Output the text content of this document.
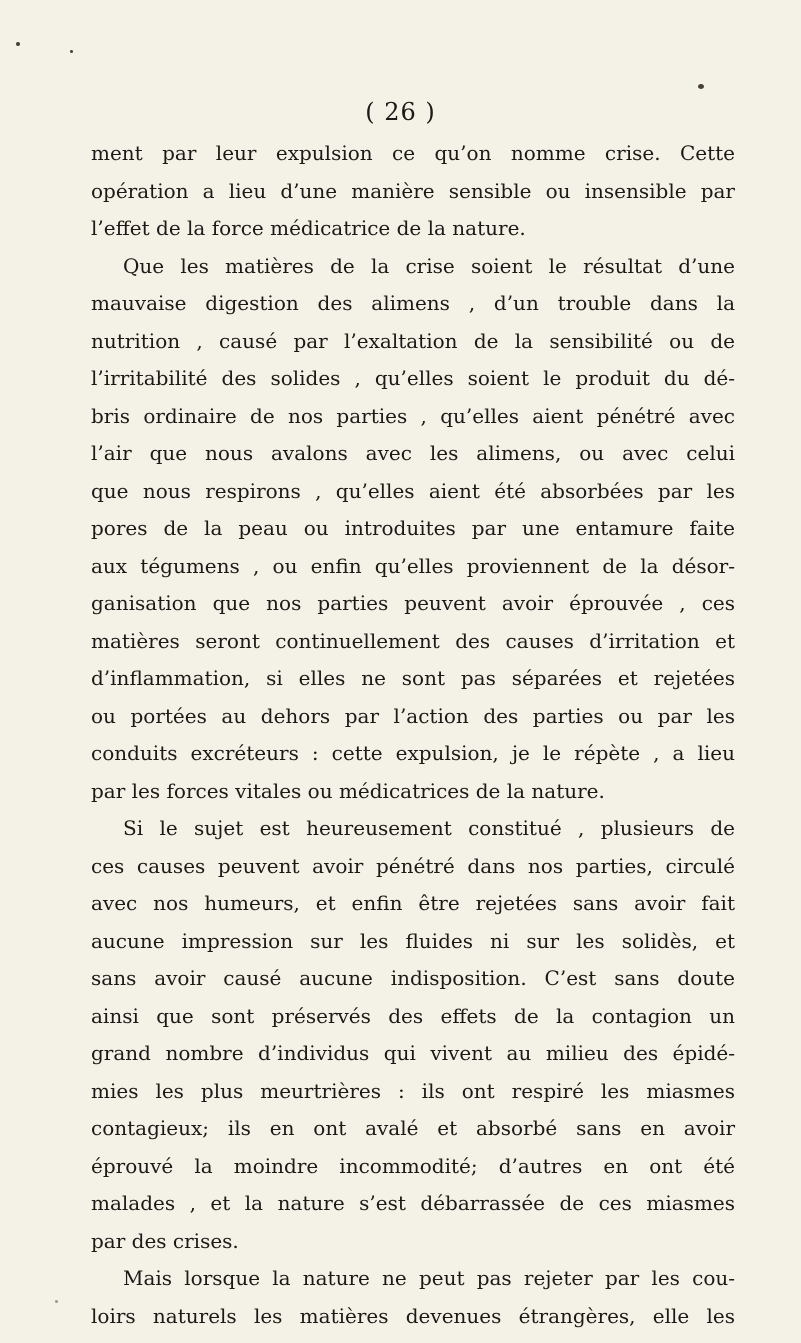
( 26 )
ment par leur expulsion ce qu’on nomme crise. Cette
opération a lieu d’une manière sensible ou insensible par
l’effet de la force médicatrice de la nature.
Que les matières de la crise soient le résultat d’une
mauvaise digestion des alimens , d’un trouble dans la
nutrition , causé par l’exaltation de la sensibilité ou de
l’irritabilité des solides , qu’elles soient le produit du dé-
bris ordinaire de nos parties , qu’elles aient pénétré avec
l’air que nous avalons avec les alimens, ou avec celui
que nous respirons , qu’elles aient été absorbées par les
pores de la peau ou introduites par une entamure faite
aux tégumens , ou enfin qu’elles proviennent de la désor-
ganisation que nos parties peuvent avoir éprouvée , ces
matières seront continuellement des causes d’irritation et
d’inflammation, si elles ne sont pas séparées et rejetées
ou portées au dehors par l’action des parties ou par les
conduits excréteurs : cette expulsion, je le répète , a lieu
par les forces vitales ou médicatrices de la nature.
Si le sujet est heureusement constitué , plusieurs de
ces causes peuvent avoir pénétré dans nos parties, circulé
avec nos humeurs, et enfin être rejetées sans avoir fait
aucune impression sur les fluides ni sur les solidès, et
sans avoir causé aucune indisposition. C’est sans doute
ainsi que sont préservés des effets de la contagion un
grand nombre d’individus qui vivent au milieu des épidé-
mies les plus meurtrières : ils ont respiré les miasmes
contagieux; ils en ont avalé et absorbé sans en avoir
éprouvé la moindre incommodité; d’autres en ont été
malades , et la nature s’est débarrassée de ces miasmes
par des crises.
Mais lorsque la nature ne peut pas rejeter par les cou-
loirs naturels les matières devenues étrangères, elle les
